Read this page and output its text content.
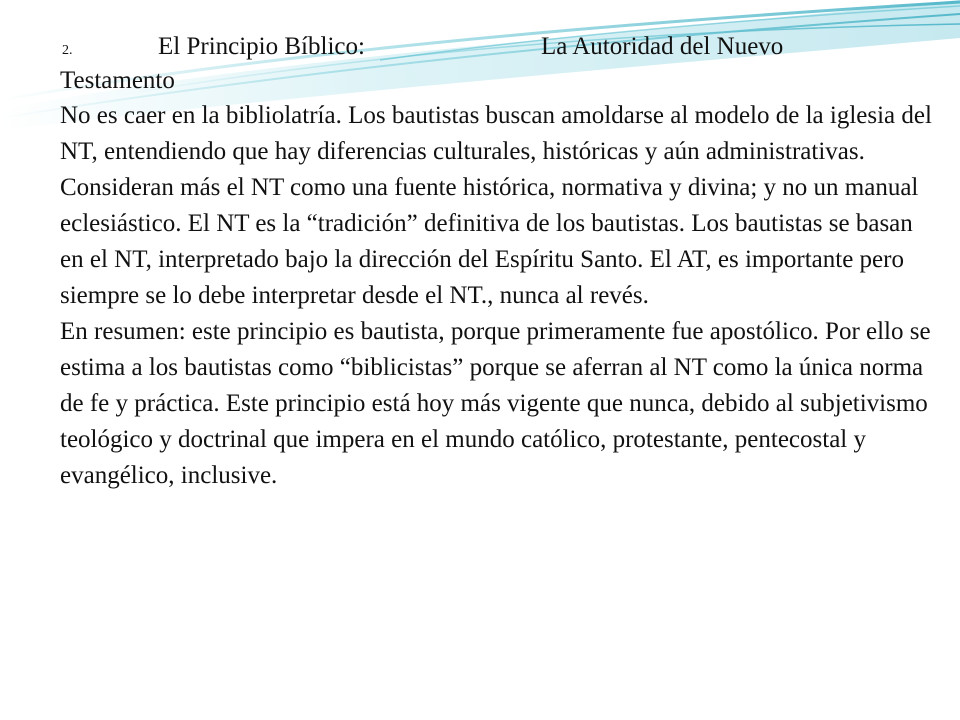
2.	El Principio Bíblico:	La Autoridad del Nuevo
Testamento

No es caer en la bibliolatría. Los bautistas buscan amoldarse al modelo de la iglesia del NT, entendiendo que hay diferencias culturales, históricas y aún administrativas. Consideran más el NT como una fuente histórica, normativa y divina; y no un manual eclesiástico. El NT es la “tradición” definitiva de los bautistas. Los bautistas se basan en el NT, interpretado bajo la dirección del Espíritu Santo. El AT, es importante pero siempre se lo debe interpretar desde el NT., nunca al revés.

En resumen: este principio es bautista, porque primeramente fue apostólico. Por ello se estima a los bautistas como “biblicistas” porque se aferran al NT como la única norma de fe y práctica. Este principio está hoy más vigente que nunca, debido al subjetivismo teológico y doctrinal que impera en el mundo católico, protestante, pentecostal y evangélico, inclusive.
